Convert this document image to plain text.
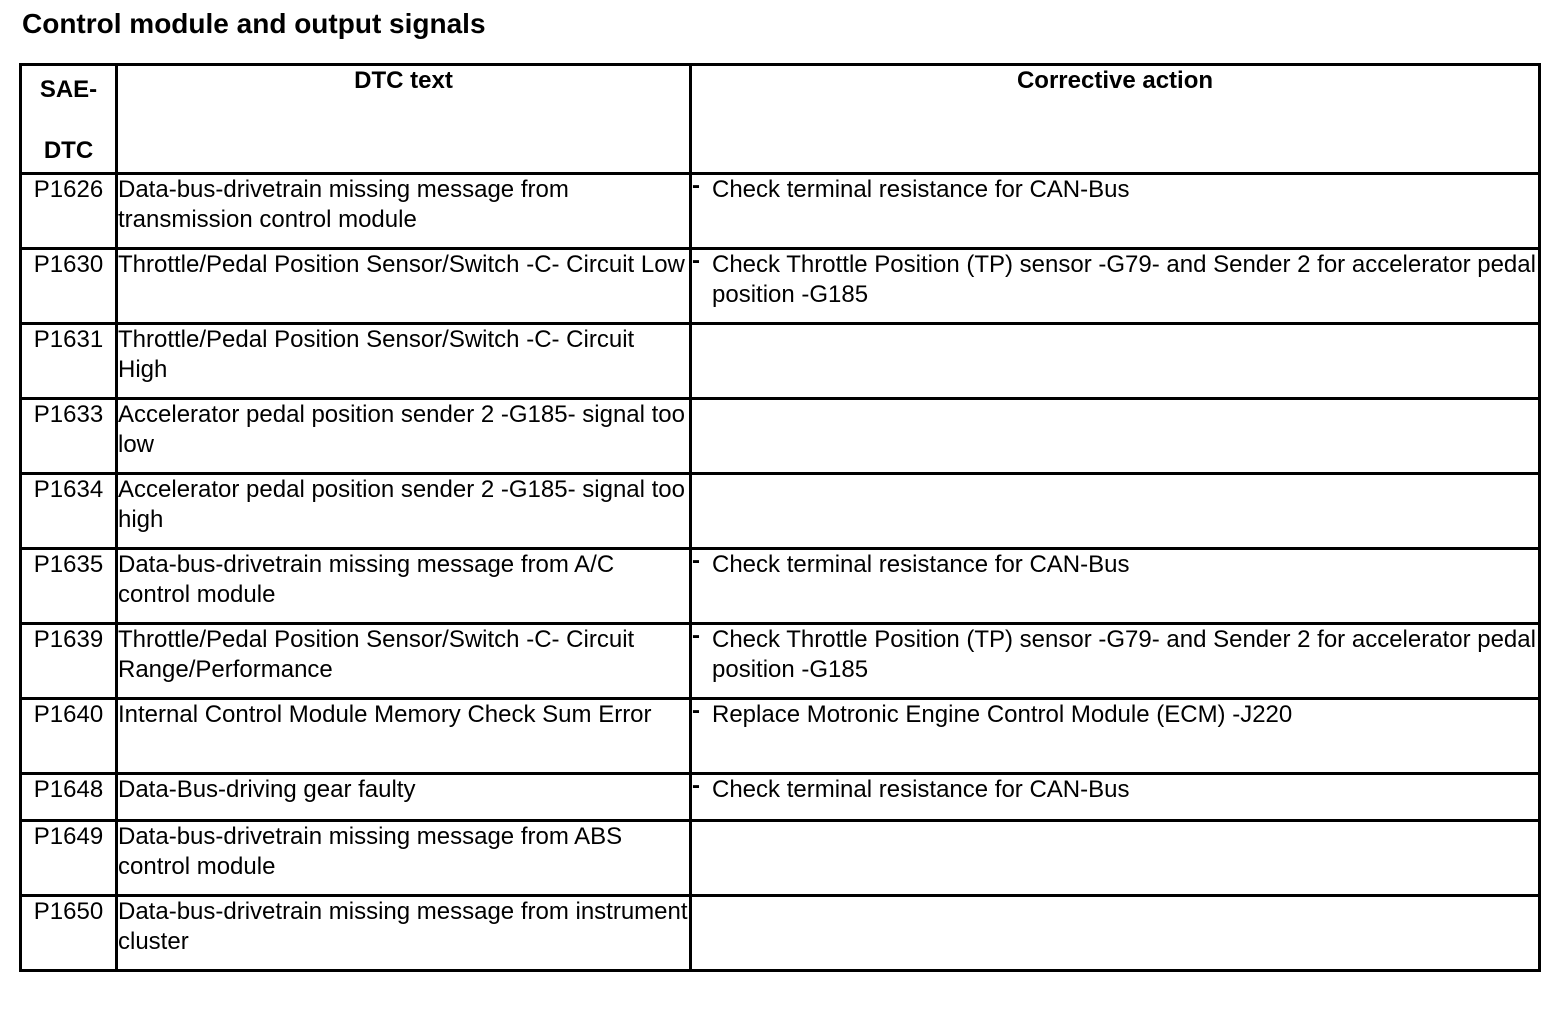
Control module and output signals
SAE-
DTC	DTC text	Corrective action
P1626	Data-bus-drivetrain missing message from transmission control module	- Check terminal resistance for CAN-Bus

P1630	Throttle/Pedal Position Sensor/Switch -C- Circuit Low	- Check Throttle Position (TP) sensor -G79- and Sender 2 for accelerator pedal position -G185

P1631	Throttle/Pedal Position Sensor/Switch -C- Circuit High	
P1633	Accelerator pedal position sender 2 -G185- signal too low	
P1634	Accelerator pedal position sender 2 -G185- signal too high	
P1635	Data-bus-drivetrain missing message from A/C control module	- Check terminal resistance for CAN-Bus

P1639	Throttle/Pedal Position Sensor/Switch -C- Circuit Range/Performance	- Check Throttle Position (TP) sensor -G79- and Sender 2 for accelerator pedal position -G185

P1640	Internal Control Module Memory Check Sum Error	- Replace Motronic Engine Control Module (ECM) -J220

P1648	Data-Bus-driving gear faulty	- Check terminal resistance for CAN-Bus

P1649	Data-bus-drivetrain missing message from ABS control module	
P1650	Data-bus-drivetrain missing message from instrument cluster	
